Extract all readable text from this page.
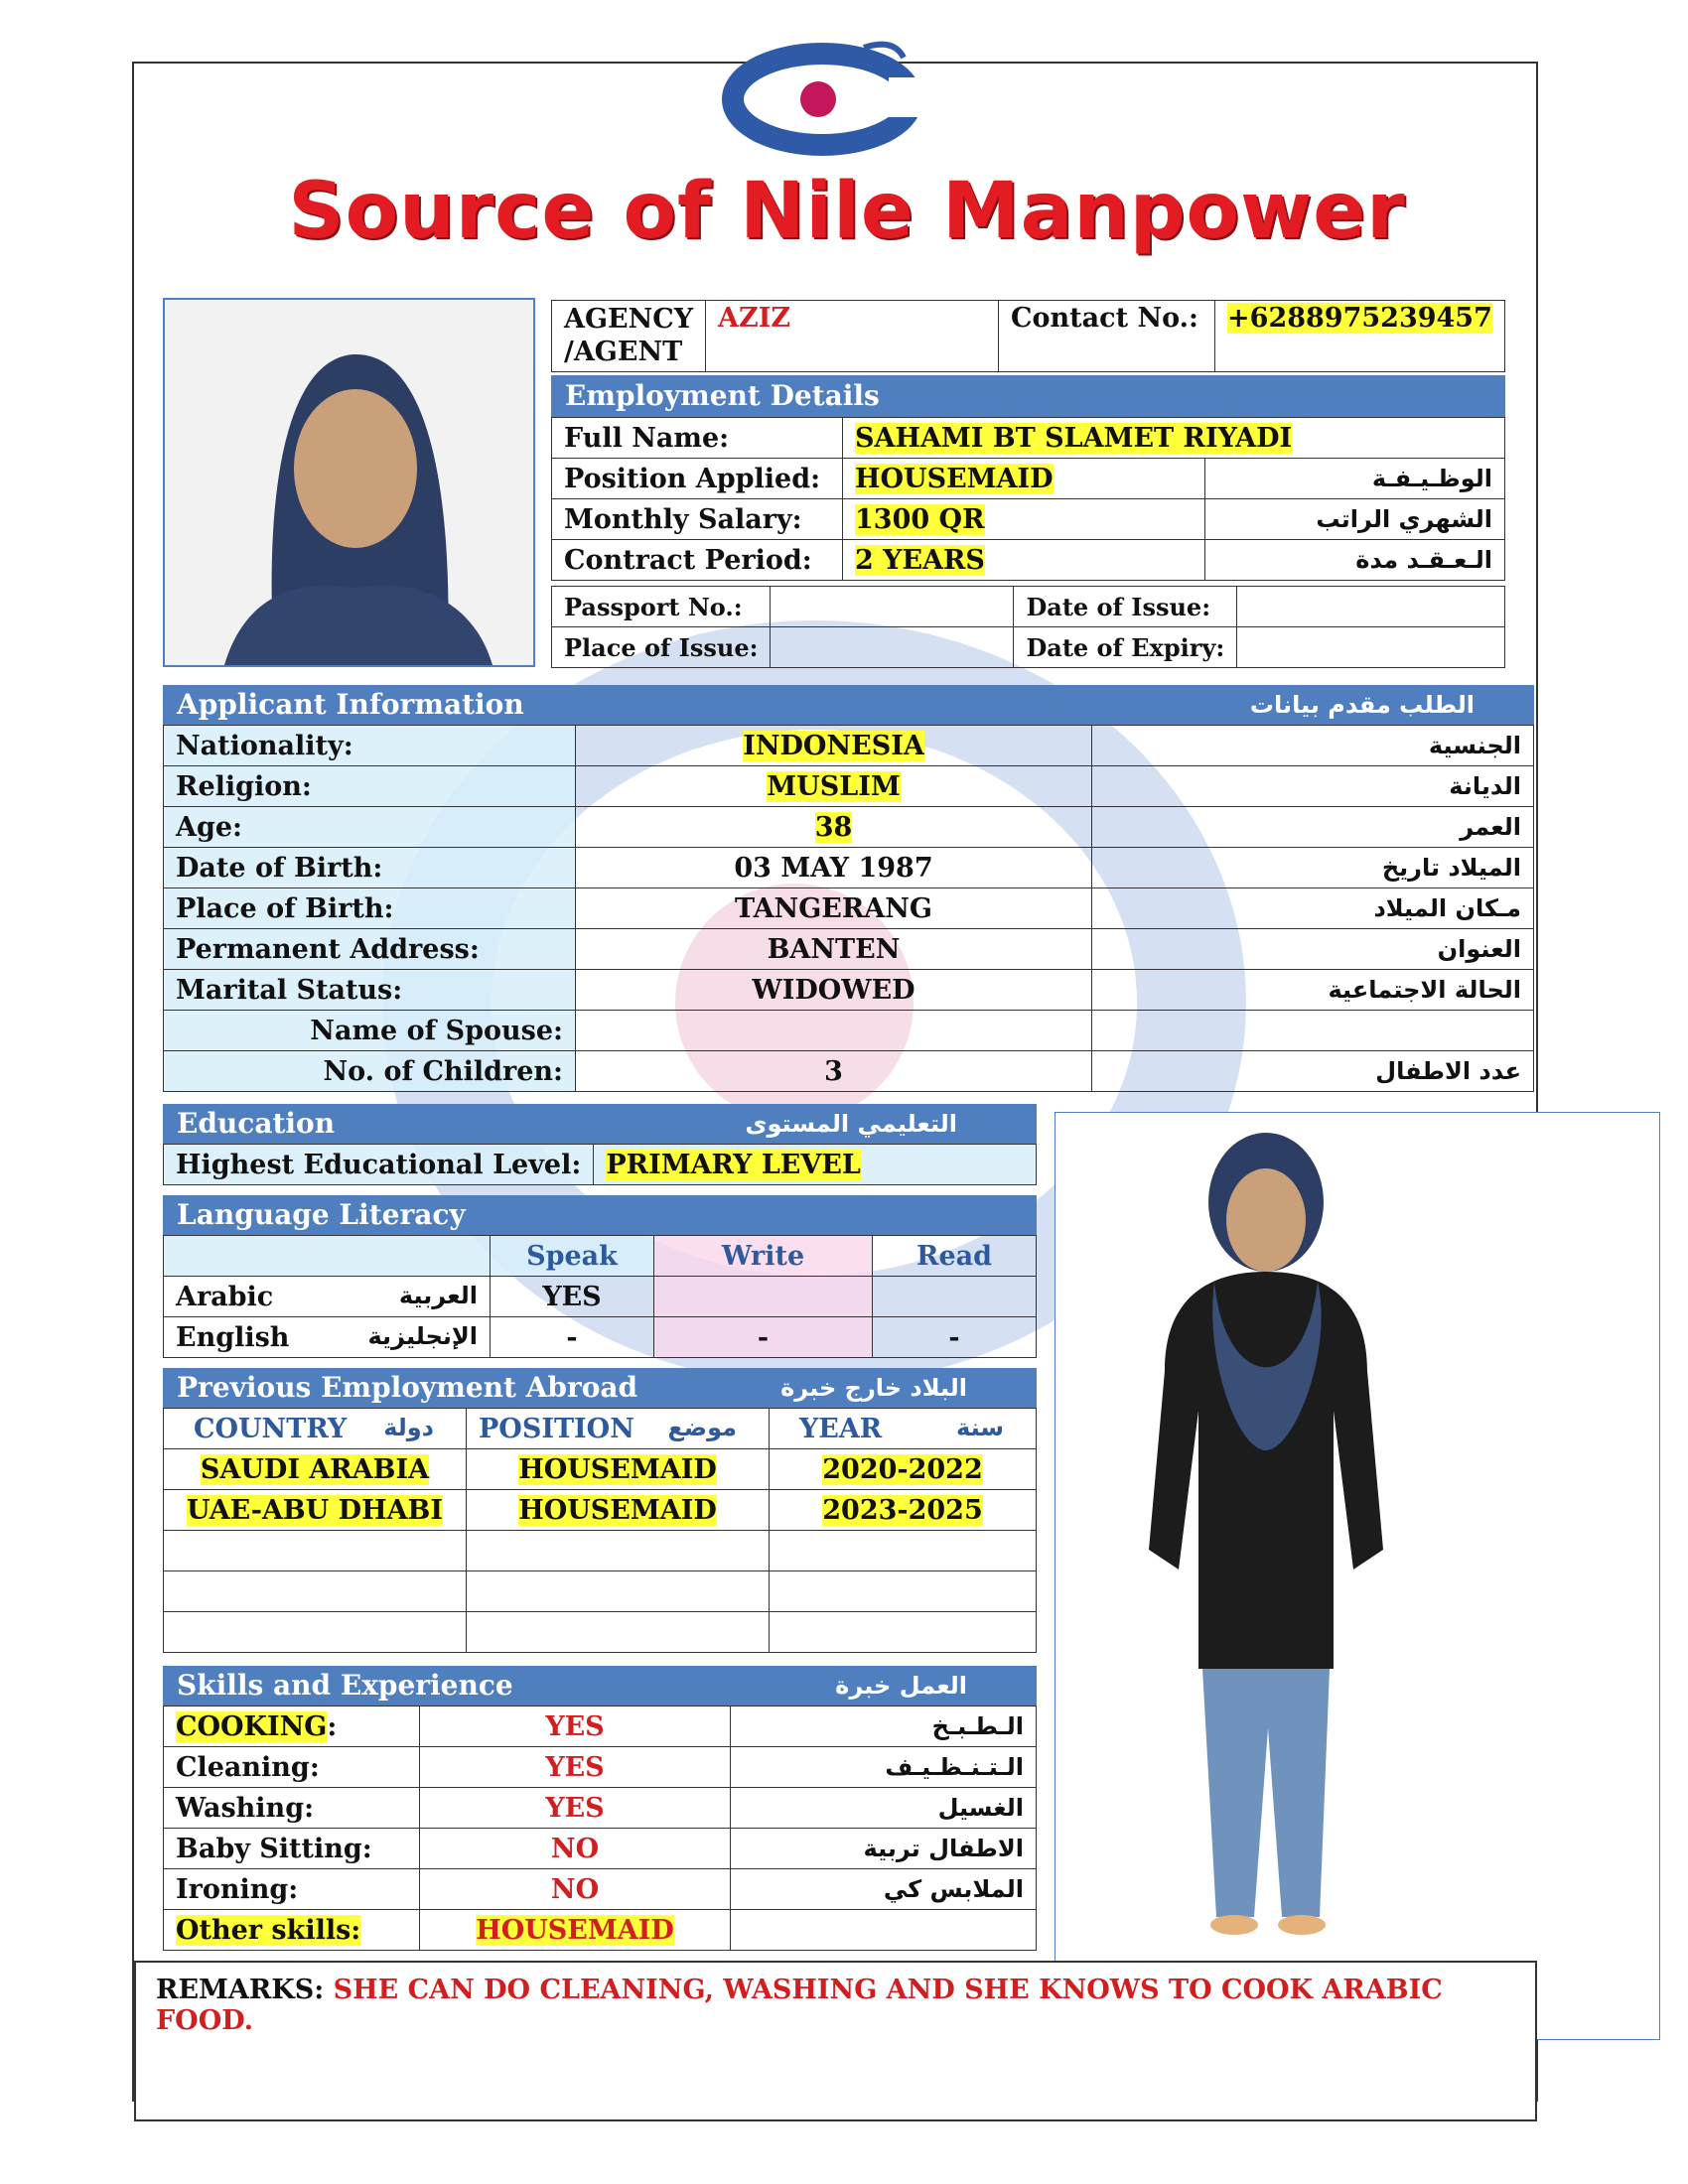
Source of Nile Manpower
AGENCY
/AGENT
	AZIZ	Contact No.:	+6288975239457
Employment Details
Full Name:	SAHAMI BT SLAMET RIYADI	
Position Applied:	HOUSEMAID	الوظـيـفـة
Monthly Salary:	1300 QR	الشهري الراتب
Contract Period:	2 YEARS	الـعـقـد مدة
Passport No.:		Date of Issue:	
Place of Issue:		Date of Expiry:	
Applicant Information	الطلب مقدم بيانات
Nationality:	INDONESIA	الجنسية
Religion:	MUSLIM	الديانة
Age:	38	العمر
Date of Birth:	03 MAY 1987	الميلاد تاريخ
Place of Birth:	TANGERANG	مـكان الميلاد
Permanent Address:	BANTEN	العنوان
Marital Status:	WIDOWED	الحالة الاجتماعية
Name of Spouse:		
No. of Children:	3	عدد الاطفال
Education	التعليمي المستوى
Highest Educational Level:	PRIMARY LEVEL
Language Literacy
	Speak	Write	Read
Arabic العربية	YES		
English الإنجليزية	-	-	-
Previous Employment Abroad	البلاد خارج خبرة
COUNTRY دولة	POSITION موضع	YEAR سنة

SAUDI ARABIA	HOUSEMAID	2020-2022
UAE-ABU DHABI	HOUSEMAID	2023-2025

Skills and Experience	العمل خبرة
COOKING:	YES	الـطـبـخ
Cleaning:	YES	الـتـنـظـيـف
Washing:	YES	الغسيل
Baby Sitting:	NO	الاطفال تربية
Ironing:	NO	الملابس كي
Other skills:	HOUSEMAID	
REMARKS: SHE CAN DO CLEANING, WASHING AND SHE KNOWS TO COOK ARABIC FOOD.
